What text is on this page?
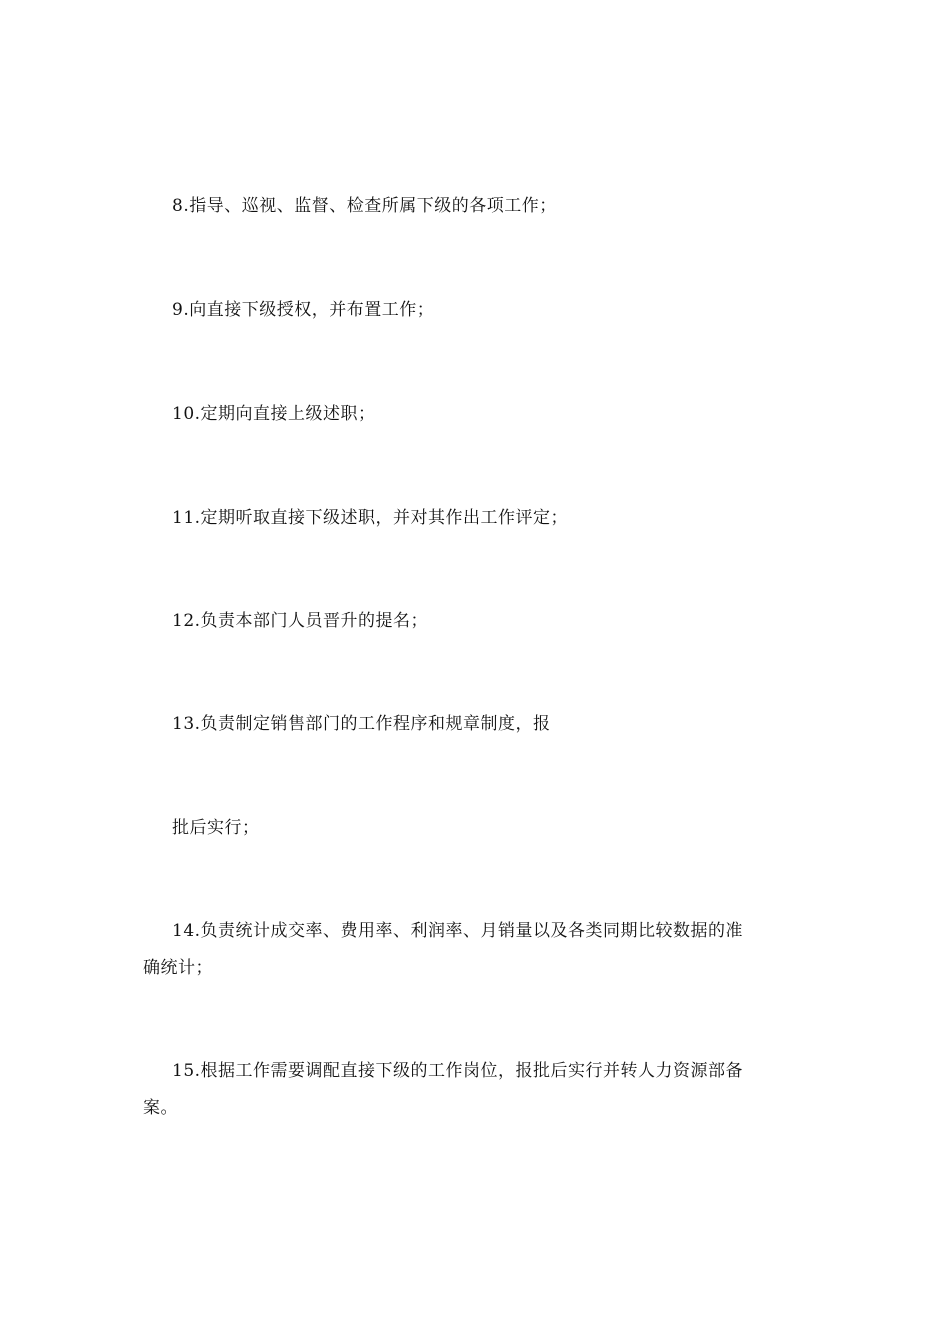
8.指导、巡视、监督、检查所属下级的各项工作；
9.向直接下级授权，并布置工作；
10.定期向直接上级述职；
11.定期听取直接下级述职，并对其作出工作评定；
12.负责本部门人员晋升的提名；
13.负责制定销售部门的工作程序和规章制度，报
批后实行；
14.负责统计成交率、费用率、利润率、月销量以及各类同期比较数据的准
确统计；
15.根据工作需要调配直接下级的工作岗位，报批后实行并转人力资源部备
案。
